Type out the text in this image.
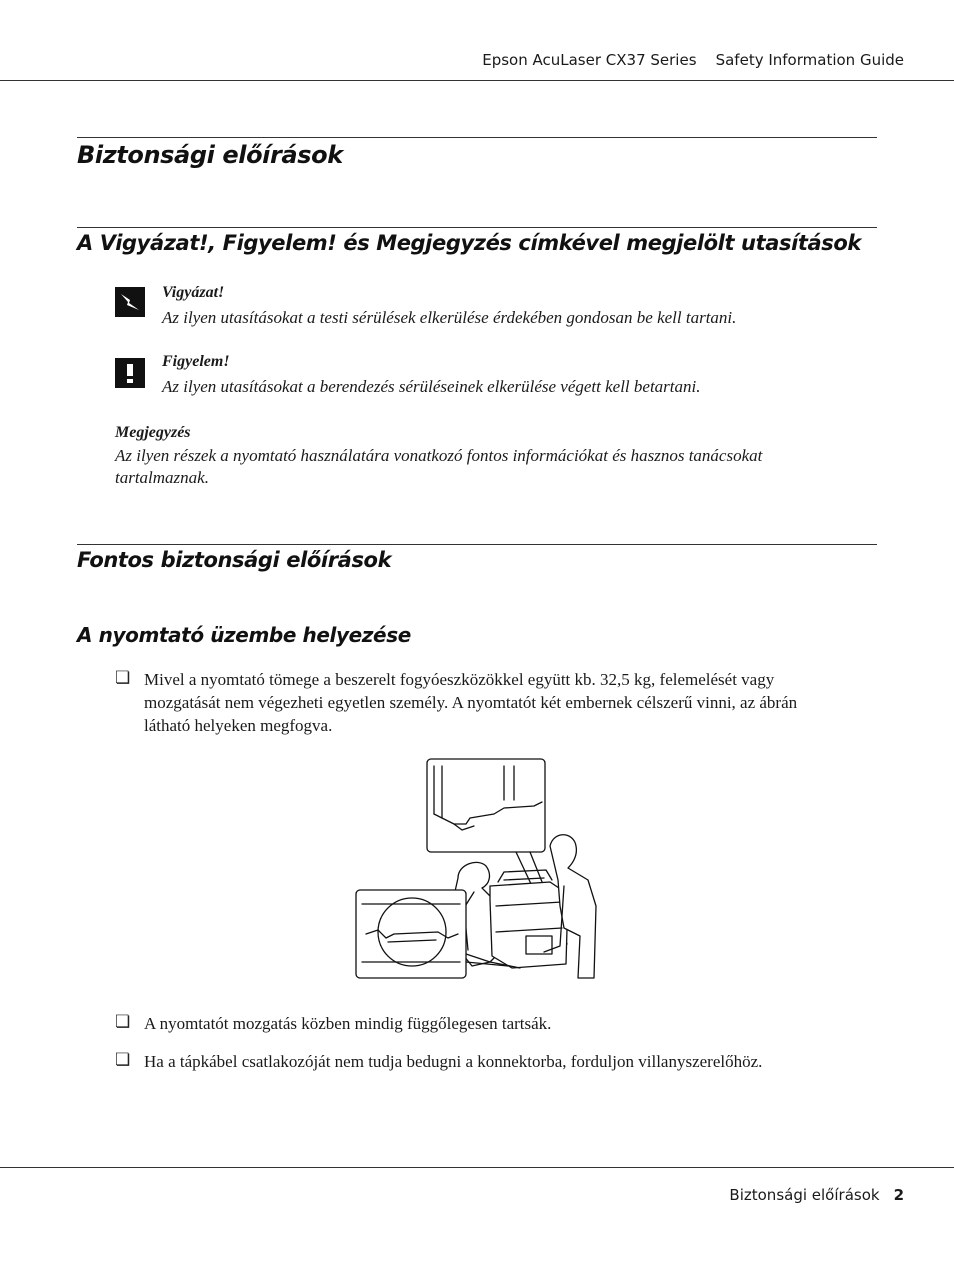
Epson AcuLaser CX37 Series Safety Information Guide
Biztonsági előírások
A Vigyázat!, Figyelem! és Megjegyzés címkével megjelölt utasítások
Vigyázat!
Az ilyen utasításokat a testi sérülések elkerülése érdekében gondosan be kell tartani.
Figyelem!
Az ilyen utasításokat a berendezés sérüléseinek elkerülése végett kell betartani.
Megjegyzés
Az ilyen részek a nyomtató használatára vonatkozó fontos információkat és hasznos tanácsokat
tartalmaznak.
Fontos biztonsági előírások
A nyomtató üzembe helyezése
❏ Mivel a nyomtató tömege a beszerelt fogyóeszközökkel együtt kb. 32,5 kg, felemelését vagy
mozgatását nem végezheti egyetlen személy. A nyomtatót két embernek célszerű vinni, az ábrán
látható helyeken megfogva.
❏ A nyomtatót mozgatás közben mindig függőlegesen tartsák.
❏ Ha a tápkábel csatlakozóját nem tudja bedugni a konnektorba, forduljon villanyszerelőhöz.
Biztonsági előírások 2
